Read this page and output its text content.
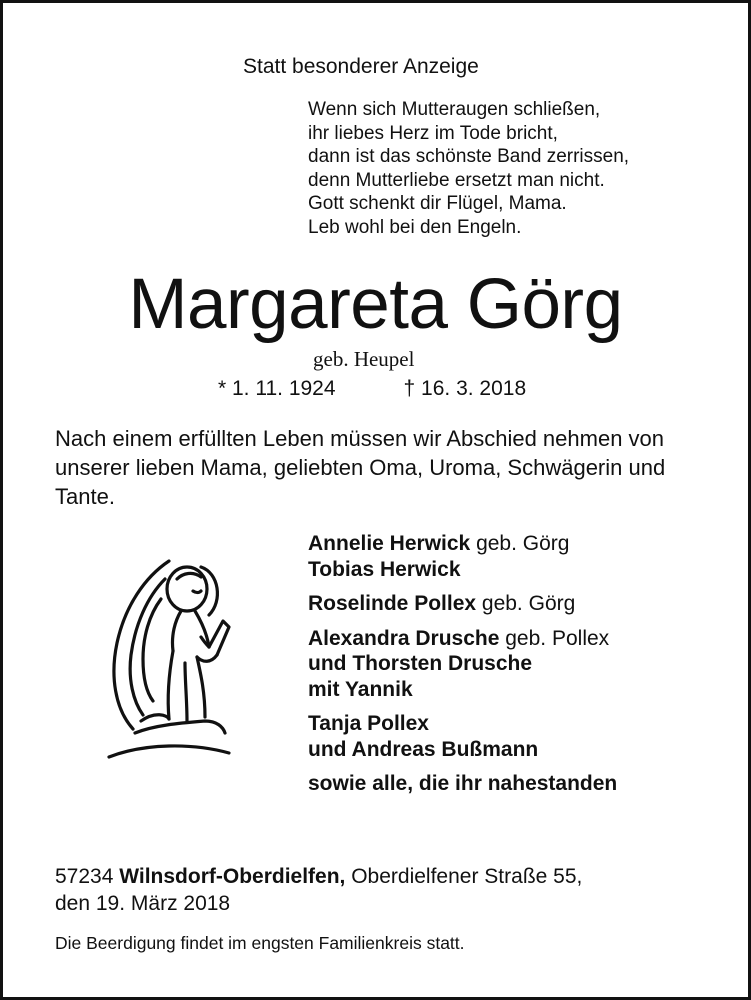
Statt besonderer Anzeige
Wenn sich Mutteraugen schließen,
ihr liebes Herz im Tode bricht,
dann ist das schönste Band zerrissen,
denn Mutterliebe ersetzt man nicht.
Gott schenkt dir Flügel, Mama.
Leb wohl bei den Engeln.
Margareta Görg
geb. Heupel
* 1. 11. 1924	† 16. 3. 2018
Nach einem erfüllten Leben müssen wir Abschied nehmen von unserer lieben Mama, geliebten Oma, Uroma, Schwägerin und Tante.
Annelie Herwick geb. Görg
Tobias Herwick
Roselinde Pollex geb. Görg
Alexandra Drusche geb. Pollex
und Thorsten Drusche
mit Yannik
Tanja Pollex
und Andreas Bußmann
sowie alle, die ihr nahestanden
57234 Wilnsdorf-Oberdielfen, Oberdielfener Straße 55,
den 19. März 2018
Die Beerdigung findet im engsten Familienkreis statt.
